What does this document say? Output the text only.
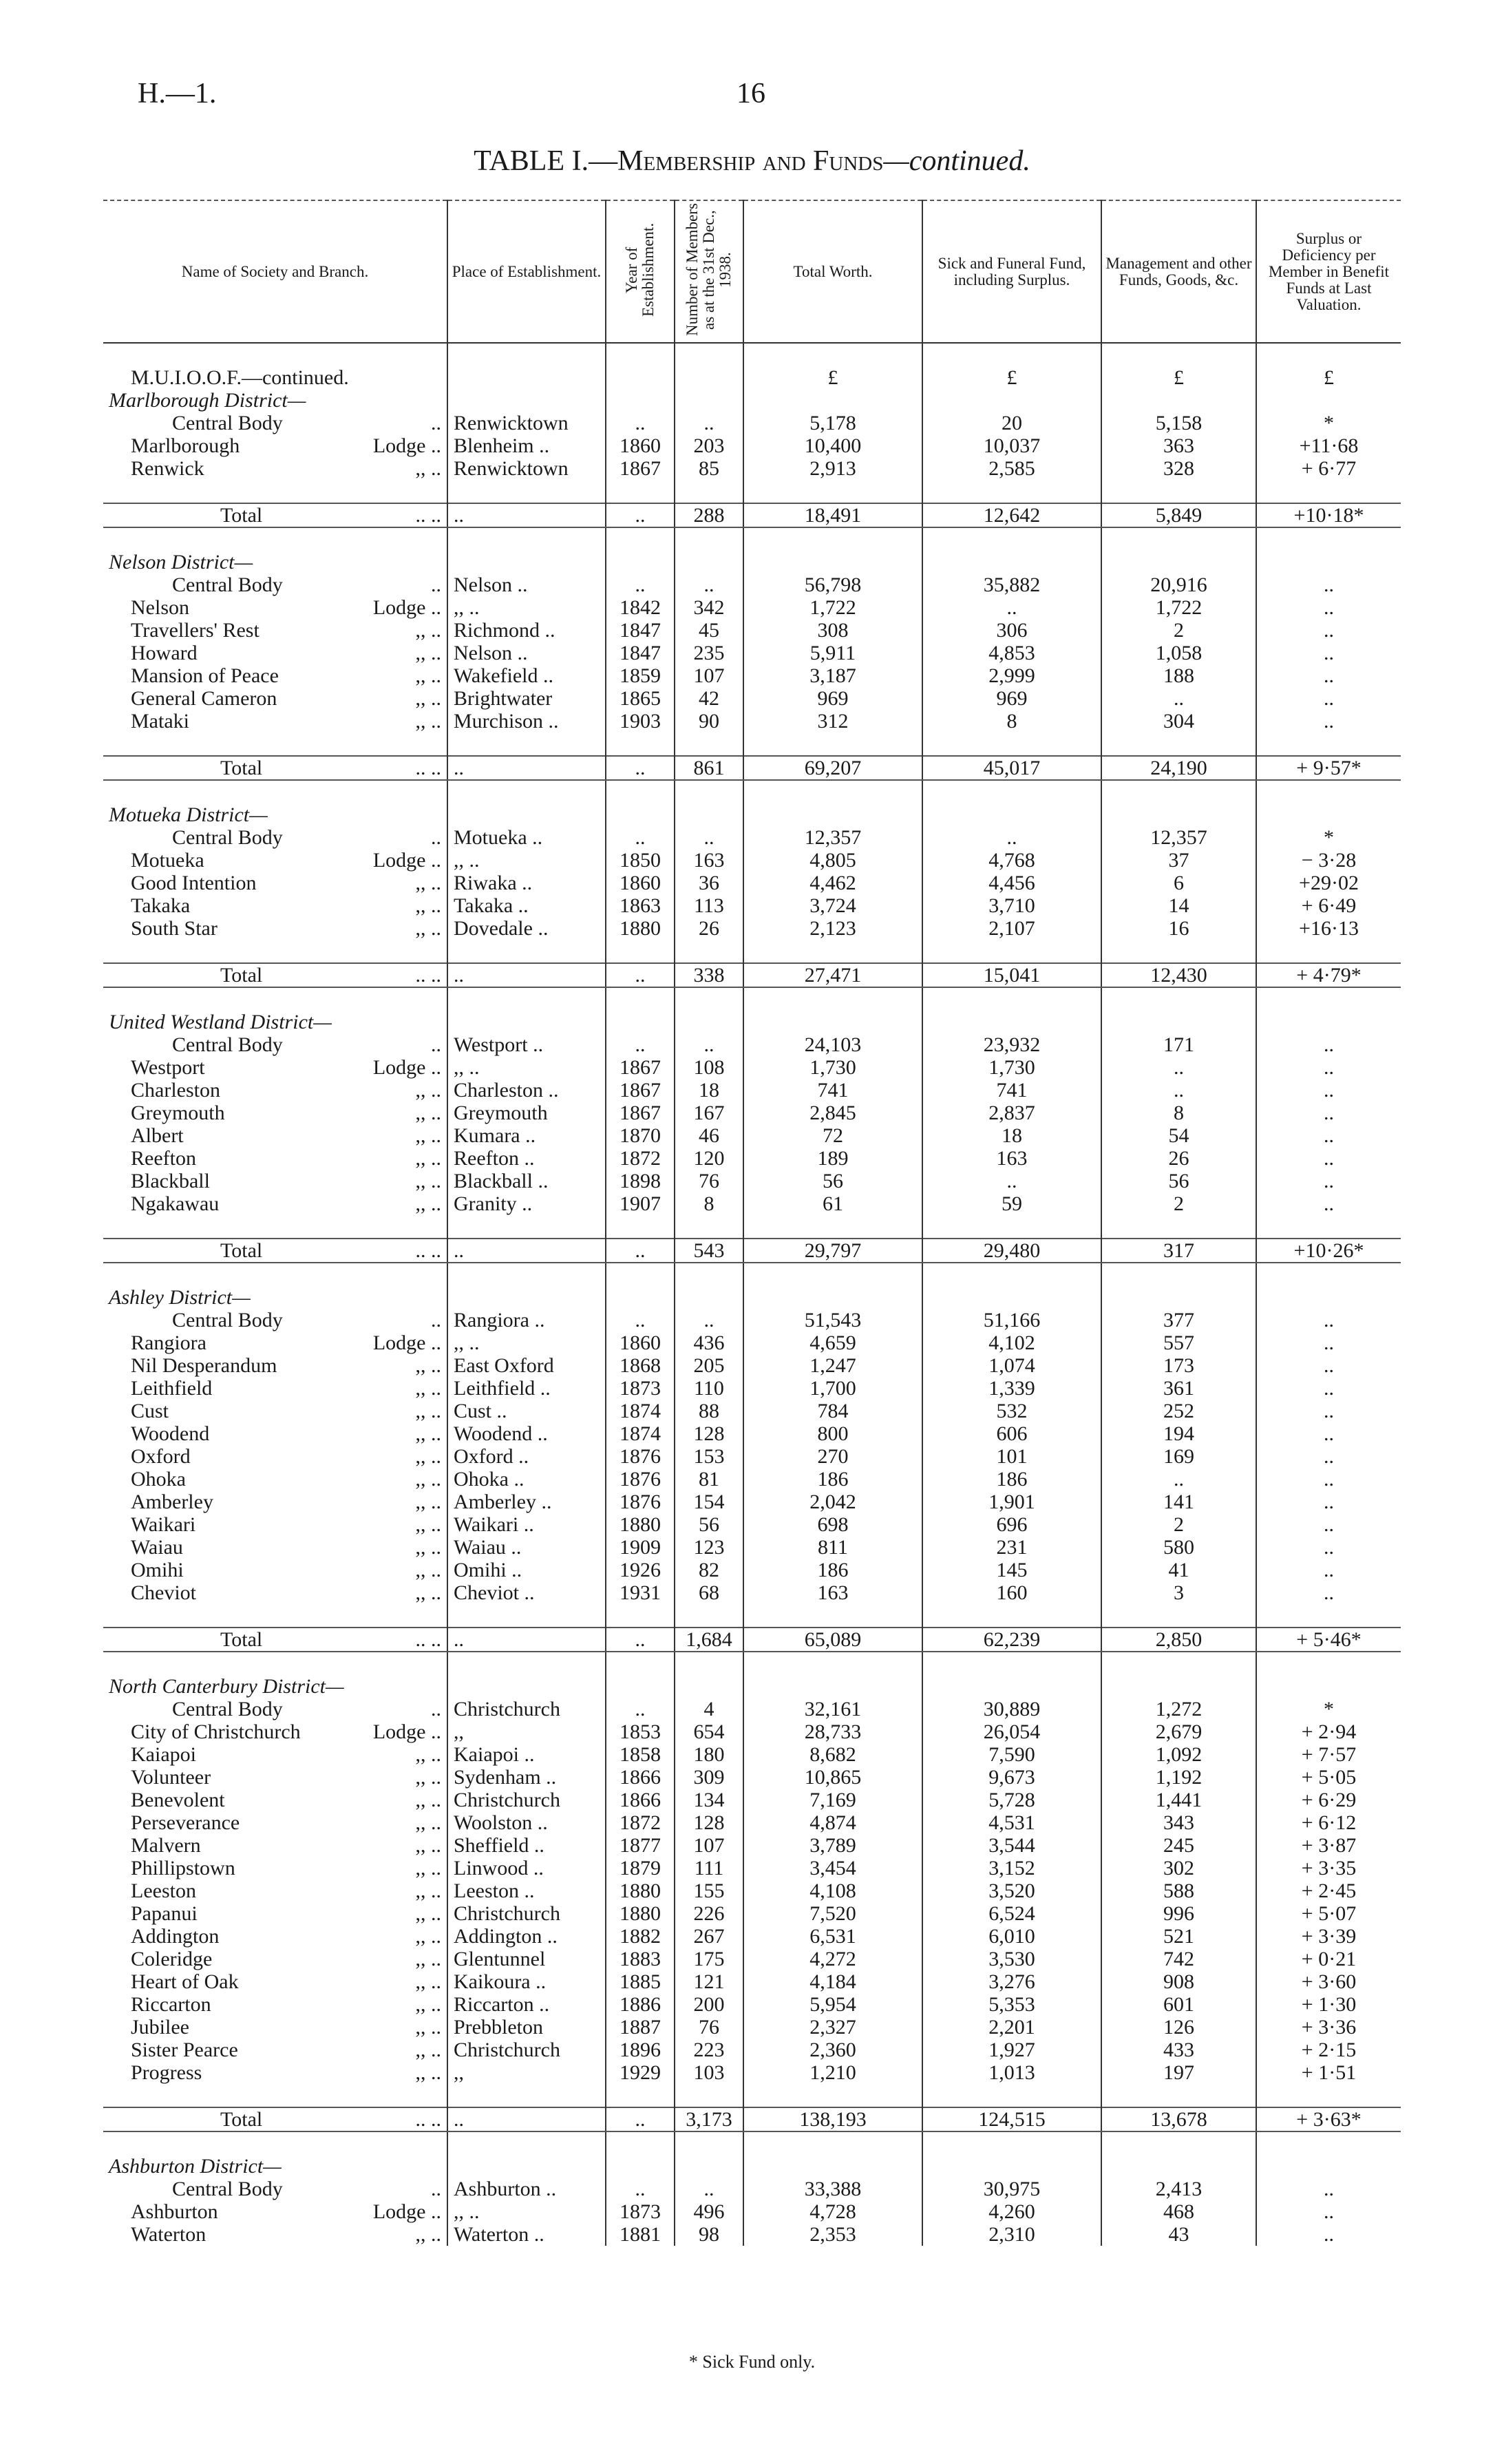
H.—1.	16
TABLE I.—Membership and Funds—continued.
Name of Society and Branch.	Place of Establishment.	Year of Establishment.	Number of Members as at the 31st Dec., 1938.	Total Worth.	Sick and Funeral Fund, including Surplus.	Management and other Funds, Goods, &c.	Surplus or Deficiency per Member in Benefit Funds at Last Valuation.

M.U.I.O.O.F.—continued.				£	£	£	£
Marlborough District—							
Central Body ..	Renwicktown	..	..	5,178	20	5,158	*
Marlborough Lodge ..	Blenheim ..	1860	203	10,400	10,037	363	+11·68
Renwick ,, ..	Renwicktown	1867	85	2,913	2,585	328	+ 6·77

Total .. ..	..	..	288	18,491	12,642	5,849	+10·18*

Nelson District—							
Central Body ..	Nelson ..	..	..	56,798	35,882	20,916	..
Nelson Lodge ..	,, ..	1842	342	1,722	..	1,722	..
Travellers' Rest ,, ..	Richmond ..	1847	45	308	306	2	..
Howard ,, ..	Nelson ..	1847	235	5,911	4,853	1,058	..
Mansion of Peace ,, ..	Wakefield ..	1859	107	3,187	2,999	188	..
General Cameron ,, ..	Brightwater	1865	42	969	969	..	..
Mataki ,, ..	Murchison ..	1903	90	312	8	304	..

Total .. ..	..	..	861	69,207	45,017	24,190	+ 9·57*

Motueka District—							
Central Body ..	Motueka ..	..	..	12,357	..	12,357	*
Motueka Lodge ..	,, ..	1850	163	4,805	4,768	37	− 3·28
Good Intention ,, ..	Riwaka ..	1860	36	4,462	4,456	6	+29·02
Takaka ,, ..	Takaka ..	1863	113	3,724	3,710	14	+ 6·49
South Star ,, ..	Dovedale ..	1880	26	2,123	2,107	16	+16·13

Total .. ..	..	..	338	27,471	15,041	12,430	+ 4·79*

United Westland District—							
Central Body ..	Westport ..	..	..	24,103	23,932	171	..
Westport Lodge ..	,, ..	1867	108	1,730	1,730	..	..
Charleston ,, ..	Charleston ..	1867	18	741	741	..	..
Greymouth ,, ..	Greymouth	1867	167	2,845	2,837	8	..
Albert ,, ..	Kumara ..	1870	46	72	18	54	..
Reefton ,, ..	Reefton ..	1872	120	189	163	26	..
Blackball ,, ..	Blackball ..	1898	76	56	..	56	..
Ngakawau ,, ..	Granity ..	1907	8	61	59	2	..

Total .. ..	..	..	543	29,797	29,480	317	+10·26*

Ashley District—							
Central Body ..	Rangiora ..	..	..	51,543	51,166	377	..
Rangiora Lodge ..	,, ..	1860	436	4,659	4,102	557	..
Nil Desperandum ,, ..	East Oxford	1868	205	1,247	1,074	173	..
Leithfield ,, ..	Leithfield ..	1873	110	1,700	1,339	361	..
Cust ,, ..	Cust ..	1874	88	784	532	252	..
Woodend ,, ..	Woodend ..	1874	128	800	606	194	..
Oxford ,, ..	Oxford ..	1876	153	270	101	169	..
Ohoka ,, ..	Ohoka ..	1876	81	186	186	..	..
Amberley ,, ..	Amberley ..	1876	154	2,042	1,901	141	..
Waikari ,, ..	Waikari ..	1880	56	698	696	2	..
Waiau ,, ..	Waiau ..	1909	123	811	231	580	..
Omihi ,, ..	Omihi ..	1926	82	186	145	41	..
Cheviot ,, ..	Cheviot ..	1931	68	163	160	3	..

Total .. ..	..	..	1,684	65,089	62,239	2,850	+ 5·46*

North Canterbury District—							
Central Body ..	Christchurch	..	4	32,161	30,889	1,272	*
City of Christchurch Lodge ..	,,	1853	654	28,733	26,054	2,679	+ 2·94
Kaiapoi ,, ..	Kaiapoi ..	1858	180	8,682	7,590	1,092	+ 7·57
Volunteer ,, ..	Sydenham ..	1866	309	10,865	9,673	1,192	+ 5·05
Benevolent ,, ..	Christchurch	1866	134	7,169	5,728	1,441	+ 6·29
Perseverance ,, ..	Woolston ..	1872	128	4,874	4,531	343	+ 6·12
Malvern ,, ..	Sheffield ..	1877	107	3,789	3,544	245	+ 3·87
Phillipstown ,, ..	Linwood ..	1879	111	3,454	3,152	302	+ 3·35
Leeston ,, ..	Leeston ..	1880	155	4,108	3,520	588	+ 2·45
Papanui ,, ..	Christchurch	1880	226	7,520	6,524	996	+ 5·07
Addington ,, ..	Addington ..	1882	267	6,531	6,010	521	+ 3·39
Coleridge ,, ..	Glentunnel	1883	175	4,272	3,530	742	+ 0·21
Heart of Oak ,, ..	Kaikoura ..	1885	121	4,184	3,276	908	+ 3·60
Riccarton ,, ..	Riccarton ..	1886	200	5,954	5,353	601	+ 1·30
Jubilee ,, ..	Prebbleton	1887	76	2,327	2,201	126	+ 3·36
Sister Pearce ,, ..	Christchurch	1896	223	2,360	1,927	433	+ 2·15
Progress ,, ..	,,	1929	103	1,210	1,013	197	+ 1·51

Total .. ..	..	..	3,173	138,193	124,515	13,678	+ 3·63*

Ashburton District—							
Central Body ..	Ashburton ..	..	..	33,388	30,975	2,413	..
Ashburton Lodge ..	,, ..	1873	496	4,728	4,260	468	..
Waterton ,, ..	Waterton ..	1881	98	2,353	2,310	43	..
* Sick Fund only.
